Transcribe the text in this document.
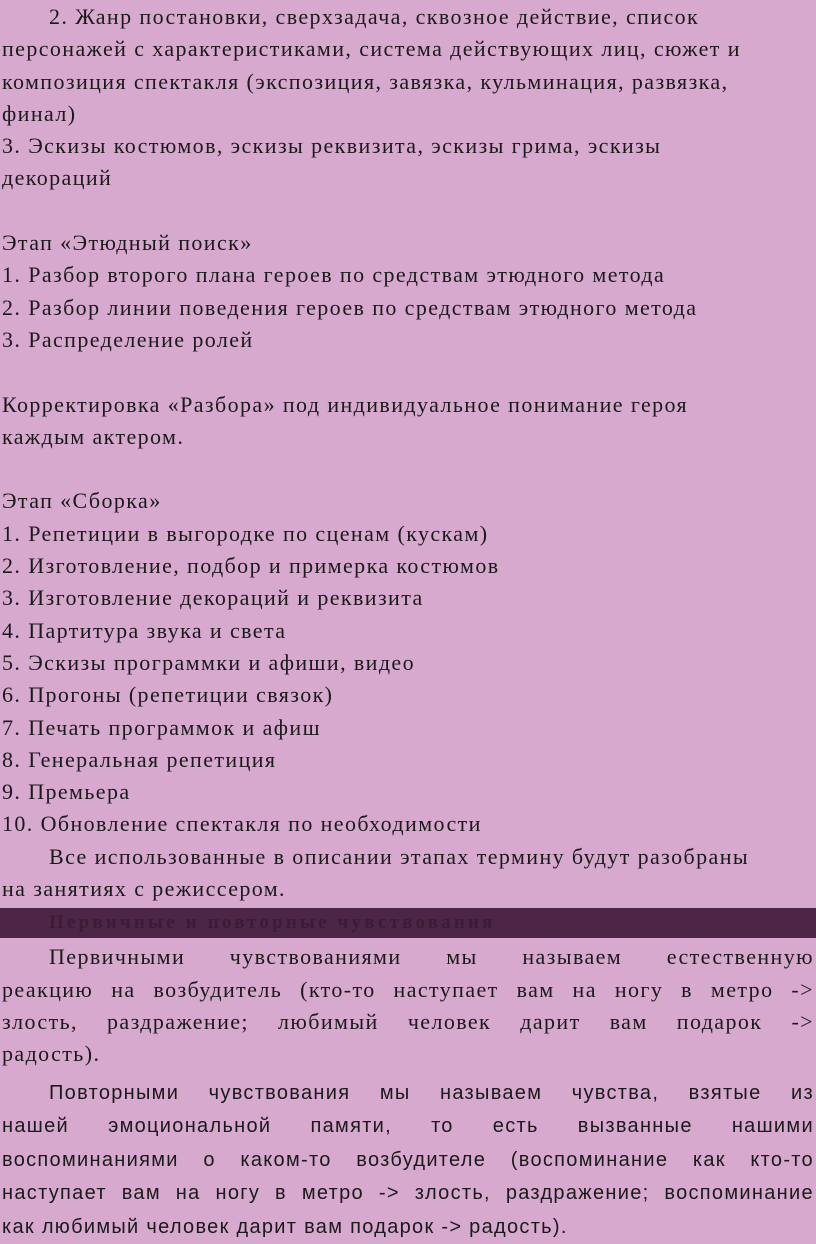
2. Жанр постановки, сверхзадача, сквозное действие, список
персонажей с характеристиками, система действующих лиц, сюжет и
композиция спектакля (экспозиция, завязка, кульминация, развязка,
финал)
3. Эскизы костюмов, эскизы реквизита, эскизы грима, эскизы
декораций
Этап «Этюдный поиск»
1. Разбор второго плана героев по средствам этюдного метода
2. Разбор линии поведения героев по средствам этюдного метода
3. Распределение ролей
Корректировка «Разбора» под индивидуальное понимание героя
каждым актером.
Этап «Сборка»
1. Репетиции в выгородке по сценам (кускам)
2. Изготовление, подбор и примерка костюмов
3. Изготовление декораций и реквизита
4. Партитура звука и света
5. Эскизы программки и афиши, видео
6. Прогоны (репетиции связок)
7. Печать программок и афиш
8. Генеральная репетиция
9. Премьера
10. Обновление спектакля по необходимости
Все использованные в описании этапах термину будут разобраны
на занятиях с режиссером.
Первичные и повторные чувствования
Первичными чувствованиями мы называем естественную
реакцию на возбудитель (кто-то наступает вам на ногу в метро ->
злость, раздражение; любимый человек дарит вам подарок ->
радость).
Повторными чувствования мы называем чувства, взятые из
нашей эмоциональной памяти, то есть вызванные нашими
воспоминаниями о каком-то возбудителе (воспоминание как кто-то
наступает вам на ногу в метро -> злость, раздражение; воспоминание
как любимый человек дарит вам подарок -> радость).
